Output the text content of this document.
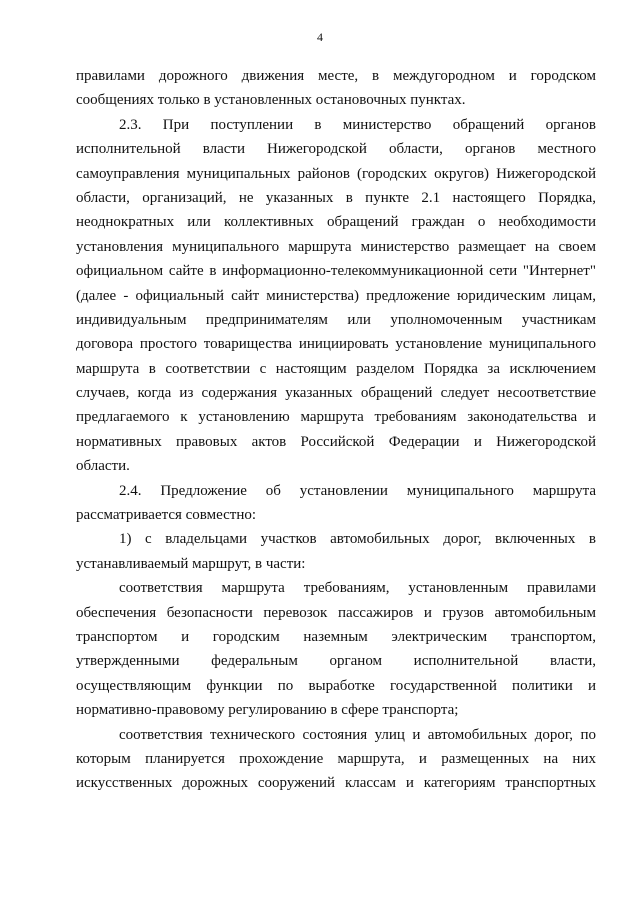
4
правилами дорожного движения месте, в междугородном и городском
сообщениях только в установленных остановочных пунктах.
2.3. При поступлении в министерство обращений органов
исполнительной власти Нижегородской области, органов местного
самоуправления муниципальных районов (городских округов) Нижегородской
области, организаций, не указанных в пункте 2.1 настоящего Порядка,
неоднократных или коллективных обращений граждан о необходимости
установления муниципального маршрута министерство размещает на своем
официальном сайте в информационно-телекоммуникационной сети "Интернет"
(далее - официальный сайт министерства) предложение юридическим лицам,
индивидуальным предпринимателям или уполномоченным участникам
договора простого товарищества инициировать установление муниципального
маршрута в соответствии с настоящим разделом Порядка за исключением
случаев, когда из содержания указанных обращений следует несоответствие
предлагаемого к установлению маршрута требованиям законодательства и
нормативных правовых актов Российской Федерации и Нижегородской
области.
2.4. Предложение об установлении муниципального маршрута
рассматривается совместно:
1) с владельцами участков автомобильных дорог, включенных в
устанавливаемый маршрут, в части:
соответствия маршрута требованиям, установленным правилами
обеспечения безопасности перевозок пассажиров и грузов автомобильным
транспортом и городским наземным электрическим транспортом,
утвержденными федеральным органом исполнительной власти,
осуществляющим функции по выработке государственной политики и
нормативно-правовому регулированию в сфере транспорта;
соответствия технического состояния улиц и автомобильных дорог, по
которым планируется прохождение маршрута, и размещенных на них
искусственных дорожных сооружений классам и категориям транспортных
